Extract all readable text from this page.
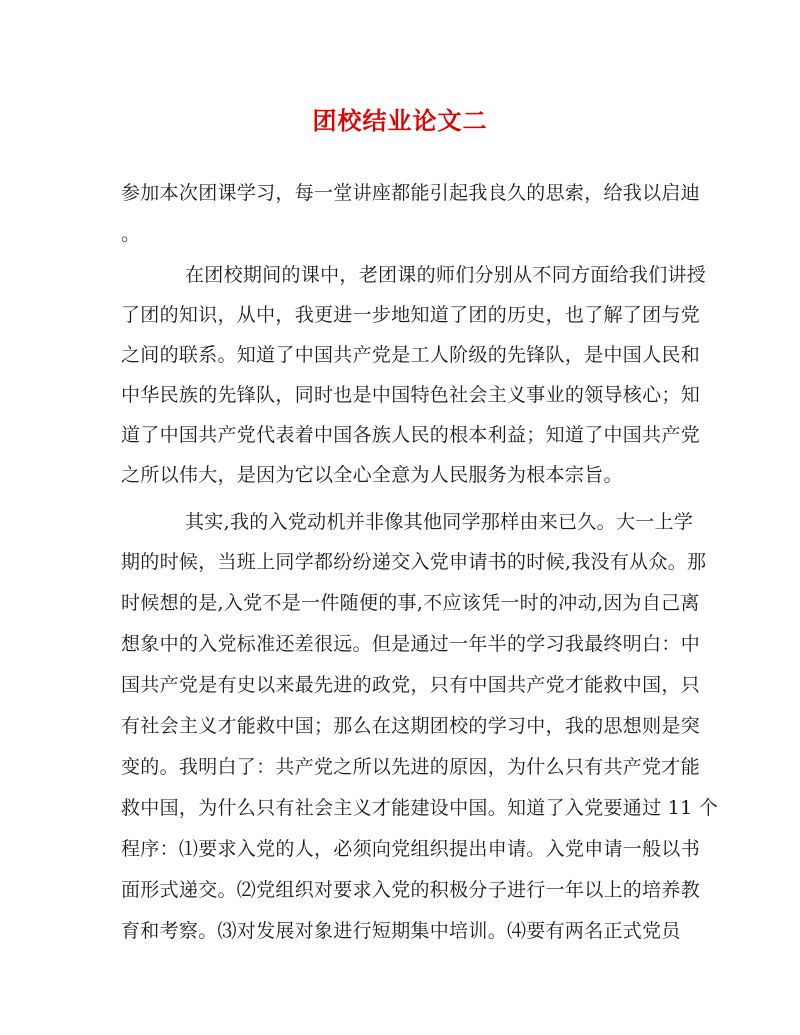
团校结业论文二
参加本次团课学习，每一堂讲座都能引起我良久的思索，给我以启迪
。
在团校期间的课中，老团课的师们分别从不同方面给我们讲授
了团的知识，从中，我更进一步地知道了团的历史，也了解了团与党
之间的联系。知道了中国共产党是工人阶级的先锋队，是中国人民和
中华民族的先锋队，同时也是中国特色社会主义事业的领导核心；知
道了中国共产党代表着中国各族人民的根本利益；知道了中国共产党
之所以伟大，是因为它以全心全意为人民服务为根本宗旨。
其实,我的入党动机并非像其他同学那样由来已久。大一上学
期的时候，当班上同学都纷纷递交入党申请书的时候,我没有从众。那
时候想的是,入党不是一件随便的事,不应该凭一时的冲动,因为自己离
想象中的入党标准还差很远。但是通过一年半的学习我最终明白：中
国共产党是有史以来最先进的政党，只有中国共产党才能救中国，只
有社会主义才能救中国；那么在这期团校的学习中，我的思想则是突
变的。我明白了：共产党之所以先进的原因，为什么只有共产党才能
救中国，为什么只有社会主义才能建设中国。知道了入党要通过 11 个
程序：⑴要求入党的人，必须向党组织提出申请。入党申请一般以书
面形式递交。⑵党组织对要求入党的积极分子进行一年以上的培养教
育和考察。⑶对发展对象进行短期集中培训。⑷要有两名正式党员
